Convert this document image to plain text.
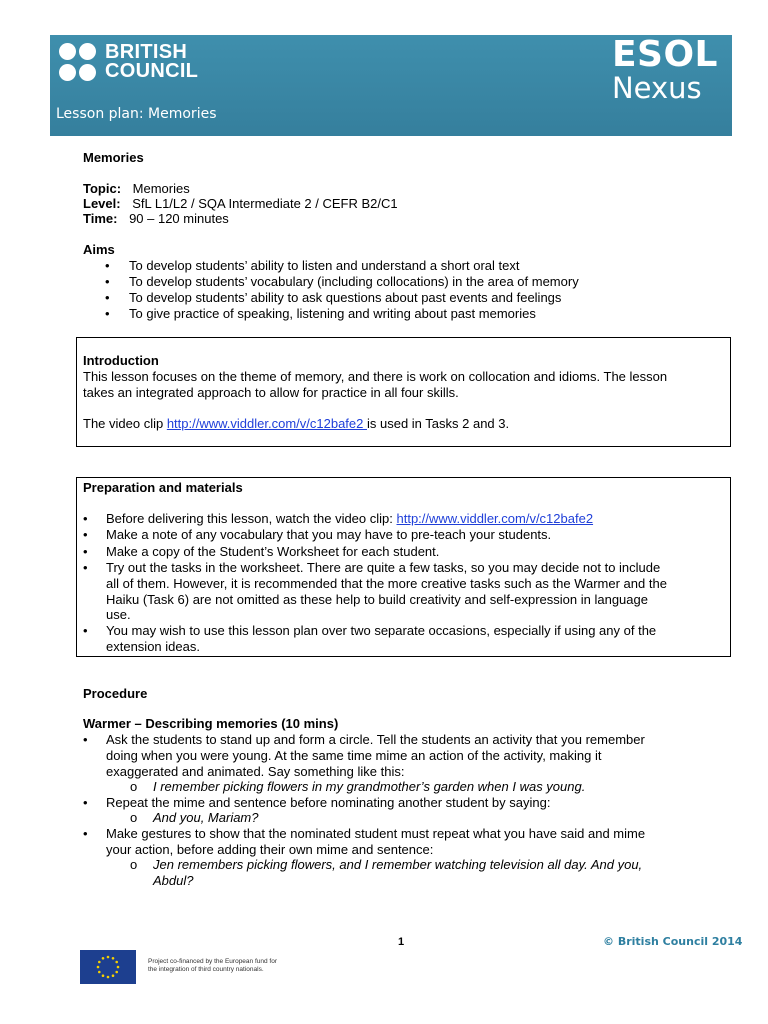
BRITISH
COUNCIL	ESOL
Nexus
Lesson plan: Memories
Memories
Topic: Memories
Level: SfL L1/L2 / SQA Intermediate 2 / CEFR B2/C1
Time: 90 – 120 minutes
Aims
• To develop students’ ability to listen and understand a short oral text
• To develop students’ vocabulary (including collocations) in the area of memory
• To develop students’ ability to ask questions about past events and feelings
• To give practice of speaking, listening and writing about past memories
Introduction
This lesson focuses on the theme of memory, and there is work on collocation and idioms. The lesson
takes an integrated approach to allow for practice in all four skills.
The video clip http://www.viddler.com/v/c12bafe2 is used in Tasks 2 and 3.
Preparation and materials
• Before delivering this lesson, watch the video clip: http://www.viddler.com/v/c12bafe2
• Make a note of any vocabulary that you may have to pre-teach your students.
• Make a copy of the Student’s Worksheet for each student.
• Try out the tasks in the worksheet. There are quite a few tasks, so you may decide not to include
all of them. However, it is recommended that the more creative tasks such as the Warmer and the
Haiku (Task 6) are not omitted as these help to build creativity and self-expression in language
use.
• You may wish to use this lesson plan over two separate occasions, especially if using any of the
extension ideas.
Procedure
Warmer – Describing memories (10 mins)
• Ask the students to stand up and form a circle. Tell the students an activity that you remember
doing when you were young. At the same time mime an action of the activity, making it
exaggerated and animated. Say something like this:
o I remember picking flowers in my grandmother’s garden when I was young.
• Repeat the mime and sentence before nominating another student by saying:
o And you, Mariam?
• Make gestures to show that the nominated student must repeat what you have said and mime
your action, before adding their own mime and sentence:
o Jen remembers picking flowers, and I remember watching television all day. And you,
Abdul?
1	© British Council 2014
Project co-financed by the European fund for the integration of third country nationals.
